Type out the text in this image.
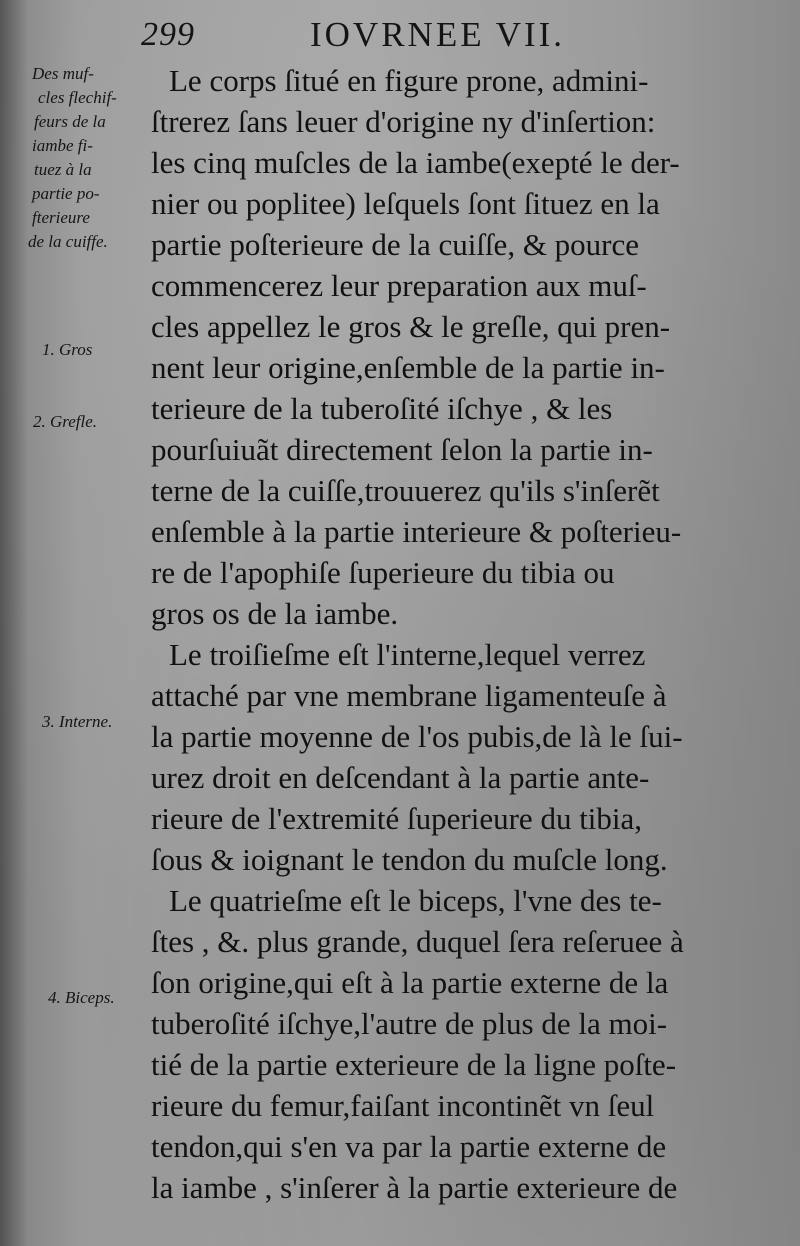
299	IOVRNEE VII.
Des muf-
cles flechif-
feurs de la
iambe fi-
tuez à la
partie po-
fterieure
de la cuiffe.
1. Gros
2. Grefle.
3. Interne.
4. Biceps.
Le corps ſitué en figure prone, admini-
ſtrerez ſans leuer d'origine ny d'inſertion:
les cinq muſcles de la iambe(exepté le der-
nier ou poplitee) leſquels ſont ſituez en la
partie poſterieure de la cuiſſe, & pource
commencerez leur preparation aux muſ-
cles appellez le gros & le greſle, qui pren-
nent leur origine,enſemble de la partie in-
terieure de la tuberoſité iſchye , & les
pourſuiuãt directement ſelon la partie in-
terne de la cuiſſe,trouuerez qu'ils s'inſerẽt
enſemble à la partie interieure & poſterieu-
re de l'apophiſe ſuperieure du tibia ou
gros os de la iambe.
Le troiſieſme eſt l'interne,lequel verrez
attaché par vne membrane ligamenteuſe à
la partie moyenne de l'os pubis,de là le ſui-
urez droit en deſcendant à la partie ante-
rieure de l'extremité ſuperieure du tibia,
ſous & ioignant le tendon du muſcle long.
Le quatrieſme eſt le biceps, l'vne des te-
ſtes , &. plus grande, duquel ſera reſeruee à
ſon origine,qui eſt à la partie externe de la
tuberoſité iſchye,l'autre de plus de la moi-
tié de la partie exterieure de la ligne poſte-
rieure du femur,faiſant incontinẽt vn ſeul
tendon,qui s'en va par la partie externe de
la iambe , s'inſerer à la partie exterieure de
